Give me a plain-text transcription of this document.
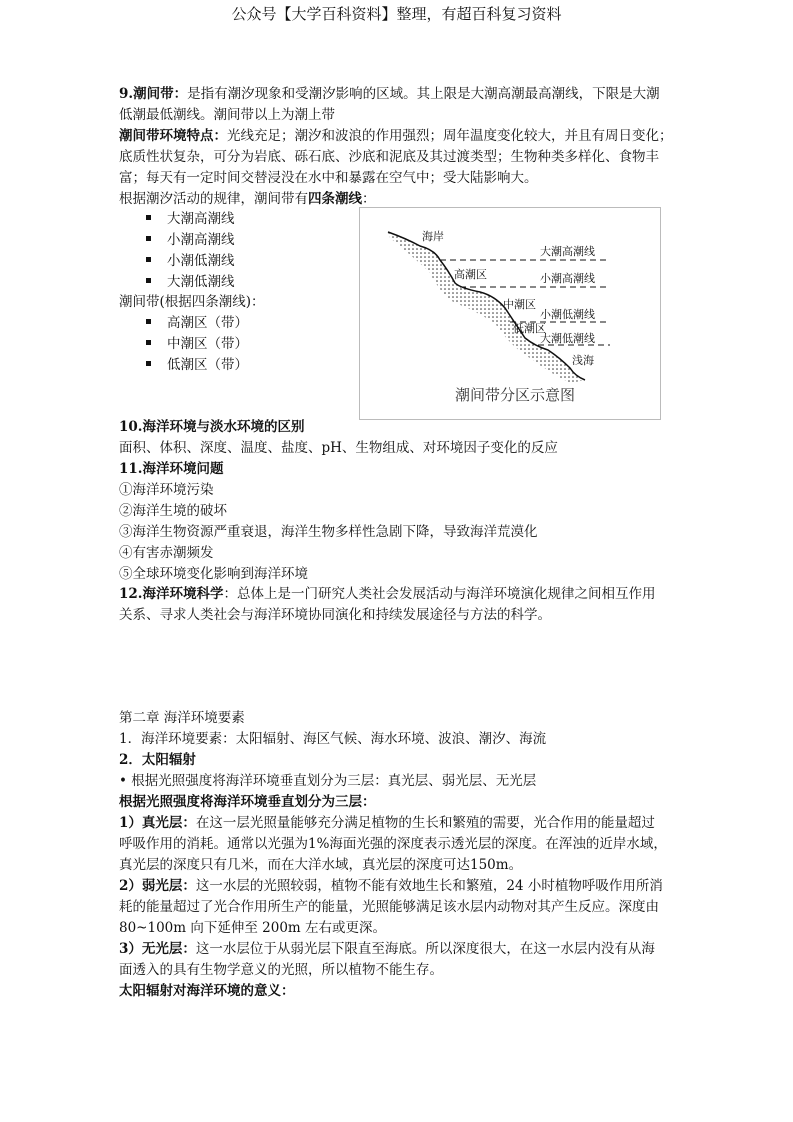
公众号【大学百科资料】整理，有超百科复习资料
9.潮间带：是指有潮汐现象和受潮汐影响的区域。其上限是大潮高潮最高潮线，下限是大潮
低潮最低潮线。潮间带以上为潮上带
潮间带环境特点：光线充足；潮汐和波浪的作用强烈；周年温度变化较大，并且有周日变化；
底质性状复杂，可分为岩底、砾石底、沙底和泥底及其过渡类型；生物种类多样化、食物丰
富；每天有一定时间交替浸没在水中和暴露在空气中；受大陆影响大。
根据潮汐活动的规律，潮间带有四条潮线：
大潮高潮线
小潮高潮线
小潮低潮线
大潮低潮线
潮间带(根据四条潮线)：
高潮区（带）
中潮区（带）
低潮区（带）
海岸
大潮高潮线
高潮区	小潮高潮线
中潮区
小潮低潮线
低潮区
大潮低潮线
浅海
潮间带分区示意图
10.海洋环境与淡水环境的区别
面积、体积、深度、温度、盐度、pH、生物组成、对环境因子变化的反应
11.海洋环境问题
①海洋环境污染
②海洋生境的破坏
③海洋生物资源严重衰退，海洋生物多样性急剧下降，导致海洋荒漠化
④有害赤潮频发
⑤全球环境变化影响到海洋环境
12.海洋环境科学：总体上是一门研究人类社会发展活动与海洋环境演化规律之间相互作用
关系、寻求人类社会与海洋环境协同演化和持续发展途径与方法的科学。
第二章 海洋环境要素
1．海洋环境要素：太阳辐射、海区气候、海水环境、波浪、潮汐、海流
2．太阳辐射
• 根据光照强度将海洋环境垂直划分为三层：真光层、弱光层、无光层
根据光照强度将海洋环境垂直划分为三层：
1）真光层：在这一层光照量能够充分满足植物的生长和繁殖的需要，光合作用的能量超过
呼吸作用的消耗。通常以光强为1%海面光强的深度表示透光层的深度。在浑浊的近岸水域，
真光层的深度只有几米，而在大洋水域，真光层的深度可达150m。
2）弱光层：这一水层的光照较弱，植物不能有效地生长和繁殖，24 小时植物呼吸作用所消
耗的能量超过了光合作用所生产的能量，光照能够满足该水层内动物对其产生反应。深度由
80~100m 向下延伸至 200m 左右或更深。
3）无光层：这一水层位于从弱光层下限直至海底。所以深度很大，在这一水层内没有从海
面透入的具有生物学意义的光照，所以植物不能生存。
太阳辐射对海洋环境的意义：
